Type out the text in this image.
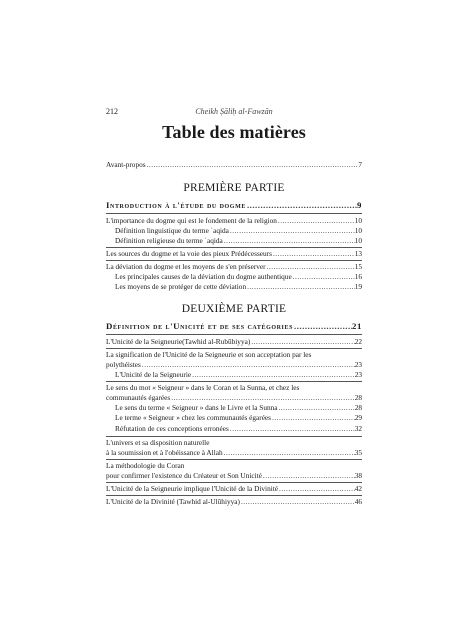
212	Cheikh Ṣāliḥ al-Fawzān
Table des matières
Avant-propos .....	7
PREMIÈRE PARTIE
Introduction à l'étude du dogme .....	9
L'importance du dogme qui est le fondement de la religion .....	10
Définition linguistique du terme ʿaqida .....	10
Définition religieuse du terme ʿaqida .....	10
Les sources du dogme et la voie des pieux Prédécesseurs .....	13
La déviation du dogme et les moyens de s'en préserver .....	15
Les principales causes de la déviation du dogme authentique .....	16
Les moyens de se protéger de cette déviation .....	19
DEUXIÈME PARTIE
Définition de l'Unicité et de ses catégories .....	21
L'Unicité de la Seigneurie(Tawhid al-Rubūbiyya) .....	22
La signification de l'Unicité de la Seigneurie et son acceptation par les
polythéistes .....	23
L'Unicité de la Seigneurie .....	23
Le sens du mot « Seigneur » dans le Coran et la Sunna, et chez les
communautés égarées .....	28
Le sens du terme « Seigneur » dans le Livre et la Sunna .....	28
Le terme « Seigneur » chez les communautés égarées .....	29
Réfutation de ces conceptions erronées .....	32
L'univers et sa disposition naturelle
à la soumission et à l'obéissance à Allah .....	35
La méthodologie du Coran
pour confirmer l'existence du Créateur et Son Unicité .....	38
L'Unicité de la Seigneurie implique l'Unicité de la Divinité .....	42
L'Unicité de la Divinité (Tawhid al-Ulūhiyya) .....	46
